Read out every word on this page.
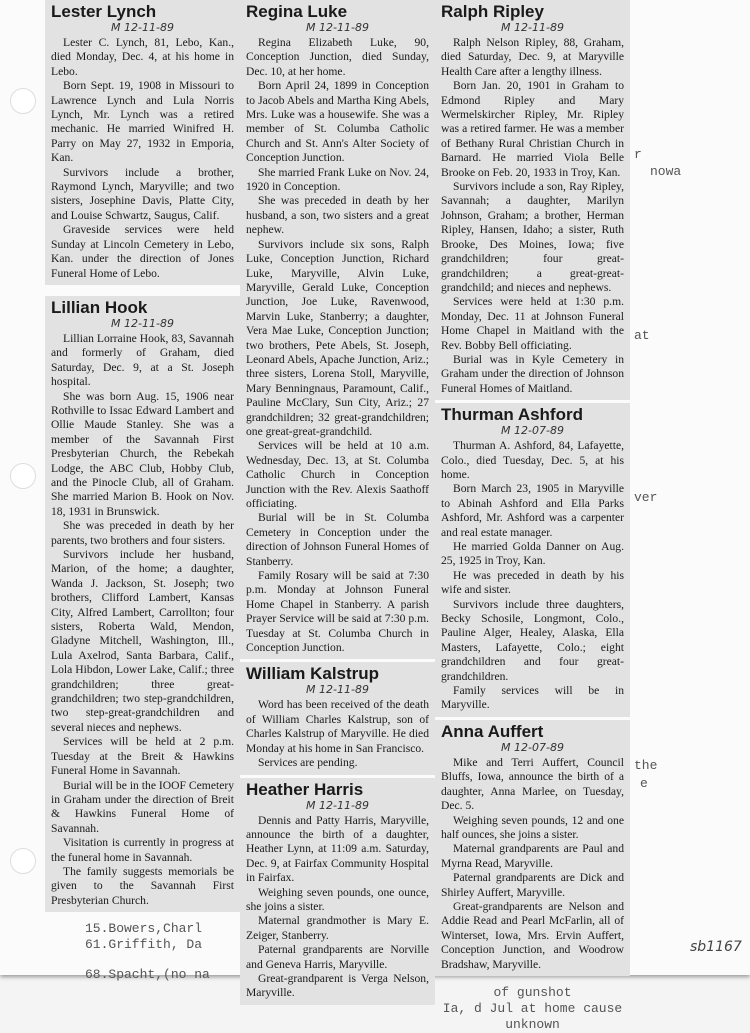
Lester Lynch
M 12-11-89

Lester C. Lynch, 81, Lebo, Kan., died Monday, Dec. 4, at his home in Lebo.

Born Sept. 19, 1908 in Missouri to Lawrence Lynch and Lula Norris Lynch, Mr. Lynch was a retired mechanic. He married Winifred H. Parry on May 27, 1932 in Emporia, Kan.

Survivors include a brother, Raymond Lynch, Maryville; and two sisters, Josephine Davis, Platte City, and Louise Schwartz, Saugus, Calif.

Graveside services were held Sunday at Lincoln Cemetery in Lebo, Kan. under the direction of Jones Funeral Home of Lebo.

Lillian Hook
M 12-11-89

Lillian Lorraine Hook, 83, Savannah and formerly of Graham, died Saturday, Dec. 9, at a St. Joseph hospital.

She was born Aug. 15, 1906 near Rothville to Issac Edward Lambert and Ollie Maude Stanley. She was a member of the Savannah First Presbyterian Church, the Rebekah Lodge, the ABC Club, Hobby Club, and the Pinocle Club, all of Graham. She married Marion B. Hook on Nov. 18, 1931 in Brunswick.

She was preceded in death by her parents, two brothers and four sisters.

Survivors include her husband, Marion, of the home; a daughter, Wanda J. Jackson, St. Joseph; two brothers, Clifford Lambert, Kansas City, Alfred Lambert, Carrollton; four sisters, Roberta Wald, Mendon, Gladyne Mitchell, Washington, Ill., Lula Axelrod, Santa Barbara, Calif., Lola Hibdon, Lower Lake, Calif.; three grandchildren; three great-grandchildren; two step-grandchildren, two step-great-grandchildren and several nieces and nephews.

Services will be held at 2 p.m. Tuesday at the Breit & Hawkins Funeral Home in Savannah.

Burial will be in the IOOF Cemetery in Graham under the direction of Breit & Hawkins Funeral Home of Savannah.

Visitation is currently in progress at the funeral home in Savannah.

The family suggests memorials be given to the Savannah First Presbyterian Church.

15.Bowers,Charl
61.Griffith, Da
68.Spacht,(no na
Regina Luke
M 12-11-89

Regina Elizabeth Luke, 90, Conception Junction, died Sunday, Dec. 10, at her home.

Born April 24, 1899 in Conception to Jacob Abels and Martha King Abels, Mrs. Luke was a housewife. She was a member of St. Columba Catholic Church and St. Ann's Alter Society of Conception Junction.

She married Frank Luke on Nov. 24, 1920 in Conception.

She was preceded in death by her husband, a son, two sisters and a great nephew.

Survivors include six sons, Ralph Luke, Conception Junction, Richard Luke, Maryville, Alvin Luke, Maryville, Gerald Luke, Conception Junction, Joe Luke, Ravenwood, Marvin Luke, Stanberry; a daughter, Vera Mae Luke, Conception Junction; two brothers, Pete Abels, St. Joseph, Leonard Abels, Apache Junction, Ariz.; three sisters, Lorena Stoll, Maryville, Mary Benningnaus, Paramount, Calif., Pauline McClary, Sun City, Ariz.; 27 grandchildren; 32 great-grandchildren; one great-great-grandchild.

Services will be held at 10 a.m. Wednesday, Dec. 13, at St. Columba Catholic Church in Conception Junction with the Rev. Alexis Saathoff officiating.

Burial will be in St. Columba Cemetery in Conception under the direction of Johnson Funeral Homes of Stanberry.

Family Rosary will be said at 7:30 p.m. Monday at Johnson Funeral Home Chapel in Stanberry. A parish Prayer Service will be said at 7:30 p.m. Tuesday at St. Columba Church in Conception Junction.

William Kalstrup
M 12-11-89

Word has been received of the death of William Charles Kalstrup, son of Charles Kalstrup of Maryville. He died Monday at his home in San Francisco.

Services are pending.

Heather Harris
M 12-11-89

Dennis and Patty Harris, Maryville, announce the birth of a daughter, Heather Lynn, at 11:09 a.m. Saturday, Dec. 9, at Fairfax Community Hospital in Fairfax.

Weighing seven pounds, one ounce, she joins a sister.

Maternal grandmother is Mary E. Zeiger, Stanberry.

Paternal grandparents are Norville and Geneva Harris, Maryville.

Great-grandparent is Verga Nelson, Maryville.

Ralph Ripley
M 12-11-89

Ralph Nelson Ripley, 88, Graham, died Saturday, Dec. 9, at Maryville Health Care after a lengthy illness.

Born Jan. 20, 1901 in Graham to Edmond Ripley and Mary Wermelskircher Ripley, Mr. Ripley was a retired farmer. He was a member of Bethany Rural Christian Church in Barnard. He married Viola Belle Brooke on Feb. 20, 1933 in Troy, Kan.

Survivors include a son, Ray Ripley, Savannah; a daughter, Marilyn Johnson, Graham; a brother, Herman Ripley, Hansen, Idaho; a sister, Ruth Brooke, Des Moines, Iowa; five grandchildren; four great-grandchildren; a great-great-grandchild; and nieces and nephews.

Services were held at 1:30 p.m. Monday, Dec. 11 at Johnson Funeral Home Chapel in Maitland with the Rev. Bobby Bell officiating.

Burial was in Kyle Cemetery in Graham under the direction of Johnson Funeral Homes of Maitland.

Thurman Ashford
M 12-07-89

Thurman A. Ashford, 84, Lafayette, Colo., died Tuesday, Dec. 5, at his home.

Born March 23, 1905 in Maryville to Abinah Ashford and Ella Parks Ashford, Mr. Ashford was a carpenter and real estate manager.

He married Golda Danner on Aug. 25, 1925 in Troy, Kan.

He was preceded in death by his wife and sister.

Survivors include three daughters, Becky Schosile, Longmont, Colo., Pauline Alger, Healey, Alaska, Ella Masters, Lafayette, Colo.; eight grandchildren and four great-grandchildren.

Family services will be in Maryville.

Anna Auffert
M 12-07-89

Mike and Terri Auffert, Council Bluffs, Iowa, announce the birth of a daughter, Anna Marlee, on Tuesday, Dec. 5.

Weighing seven pounds, 12 and one half ounces, she joins a sister.

Maternal grandparents are Paul and Myrna Read, Maryville.

Paternal grandparents are Dick and Shirley Auffert, Maryville.

Great-grandparents are Nelson and Addie Read and Pearl McFarlin, all of Winterset, Iowa, Mrs. Ervin Auffert, Conception Junction, and Woodrow Bradshaw, Maryville.

of gunshot
Ia, d Jul at home cause
unknown
r
nowa
at
ver
the
e
sb1167
